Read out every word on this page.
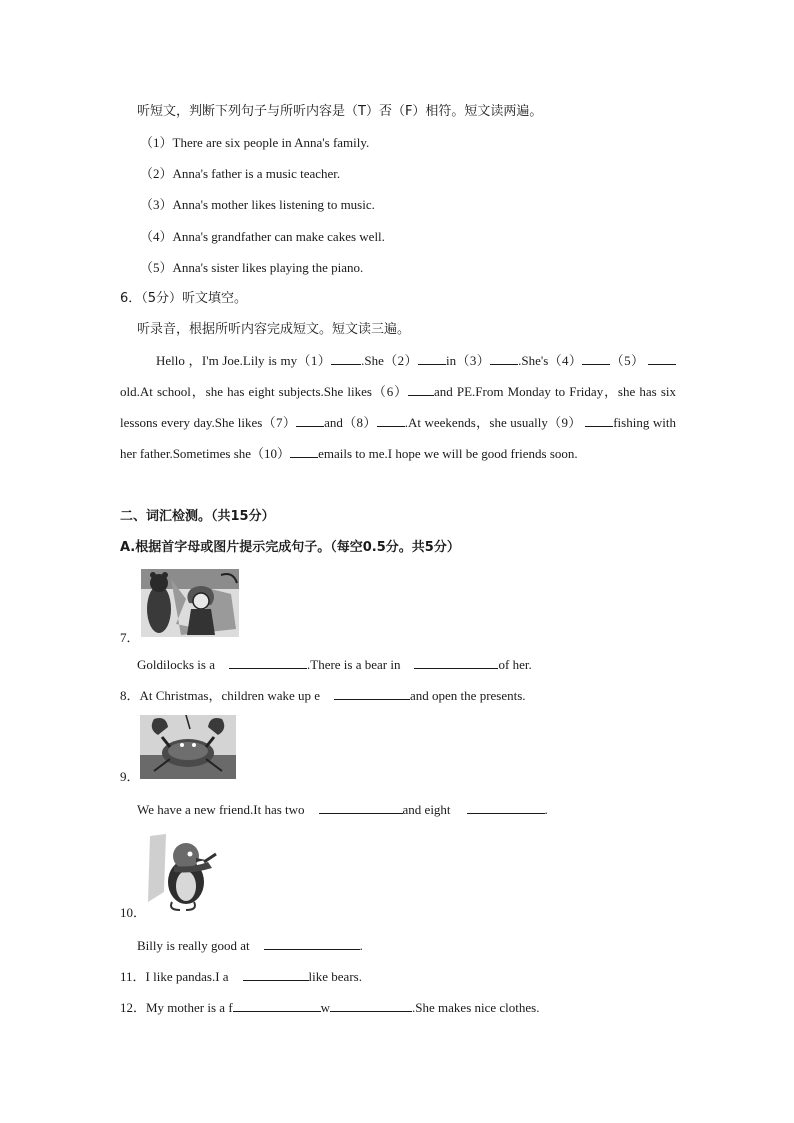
听短文，判断下列句子与所听内容是（T）否（F）相符。短文读两遍。
（1）There are six people in Anna's family.
（2）Anna's father is a music teacher.
（3）Anna's mother likes listening to music.
（4）Anna's grandfather can make cakes well.
（5）Anna's sister likes playing the piano.
6．（5分）听文填空。
听录音，根据所听内容完成短文。短文读三遍。
Hello ，I'm Joe.Lily is my（1） .She（2） in（3） .She's（4） （5） old.At school，she has eight subjects.She likes（6） and PE.From Monday to Friday，she has six lessons every day.She likes（7） and（8） .At weekends，she usually（9） fishing with her father.Sometimes she（10） emails to me.I hope we will be good friends soon.
二、词汇检测。（共15分）
A.根据首字母或图片提示完成句子。（每空0.5分。共5分）
7．
Goldilocks is a	.There is a bear in	of her.
8．At Christmas，children wake up e	and open the presents.
9．
We have a new friend.It has two	and eight	.
10．
Billy is really good at	.
11．I like pandas.I a	like bears.
12．My mother is a f	w	.She makes nice clothes.
